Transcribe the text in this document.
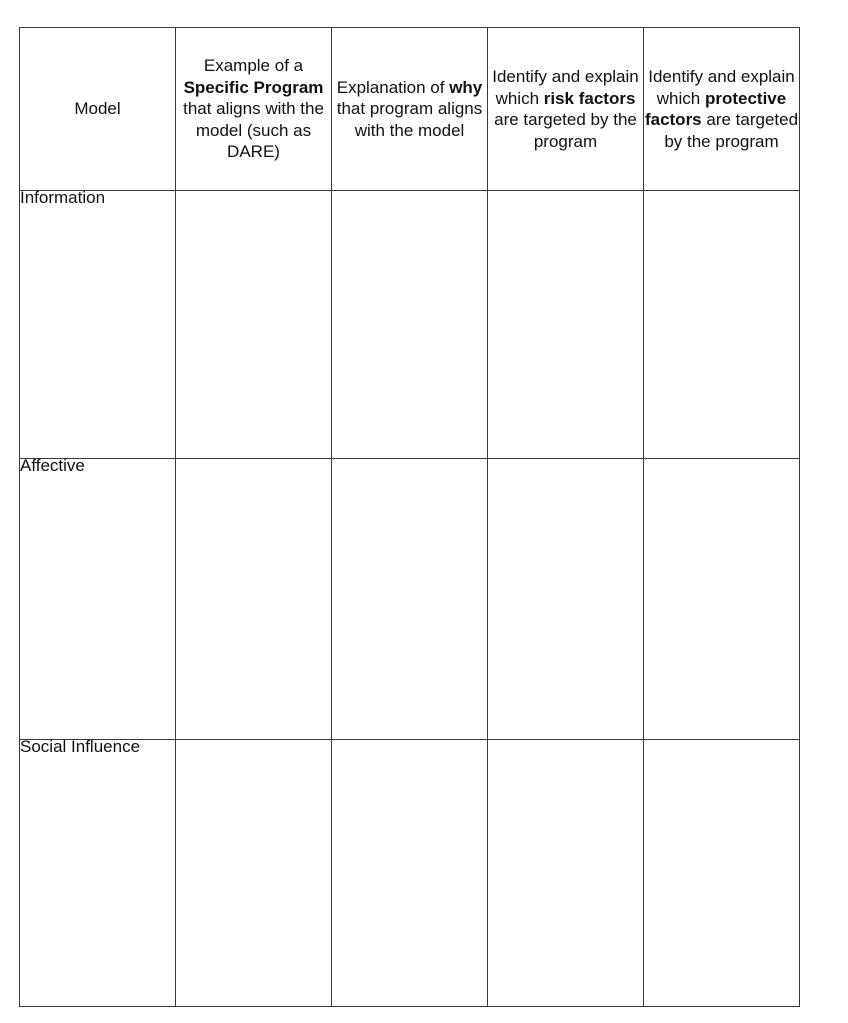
Model	Example of a Specific Program that aligns with the model (such as DARE)	Explanation of why that program aligns with the model	Identify and explain which risk factors are targeted by the program	Identify and explain which protective factors are targeted by the program

Information				

Affective				

Social Influence				
